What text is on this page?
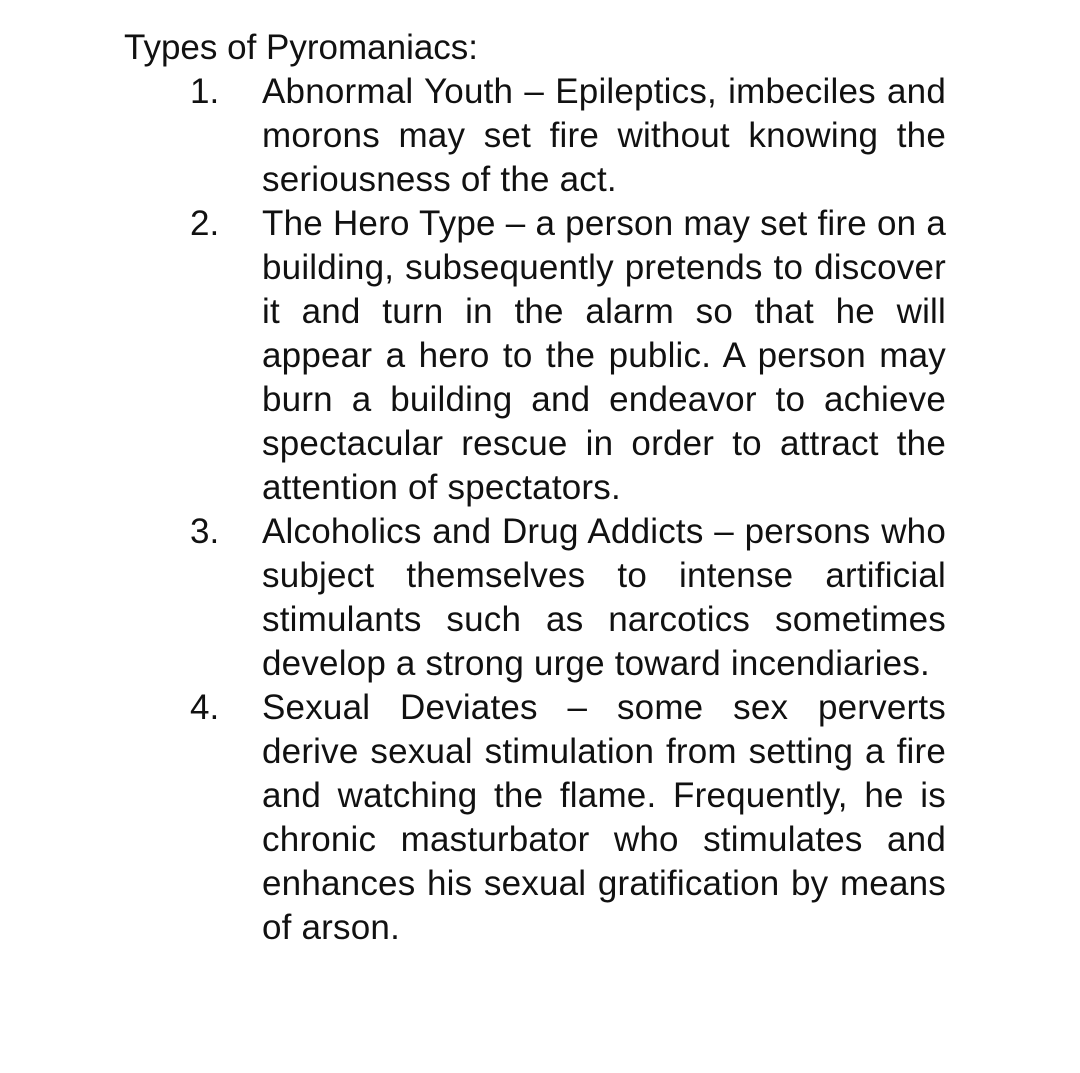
Types of Pyromaniacs:
1. Abnormal Youth – Epileptics, imbeciles and morons may set fire without knowing the seriousness of the act.
2. The Hero Type – a person may set fire on a building, subsequently pretends to discover it and turn in the alarm so that he will appear a hero to the public. A person may burn a building and endeavor to achieve spectacular rescue in order to attract the attention of spectators.
3. Alcoholics and Drug Addicts – persons who subject themselves to intense artificial stimulants such as narcotics sometimes develop a strong urge toward incendiaries.
4. Sexual Deviates – some sex perverts derive sexual stimulation from setting a fire and watching the flame. Frequently, he is chronic masturbator who stimulates and enhances his sexual gratification by means of arson.
